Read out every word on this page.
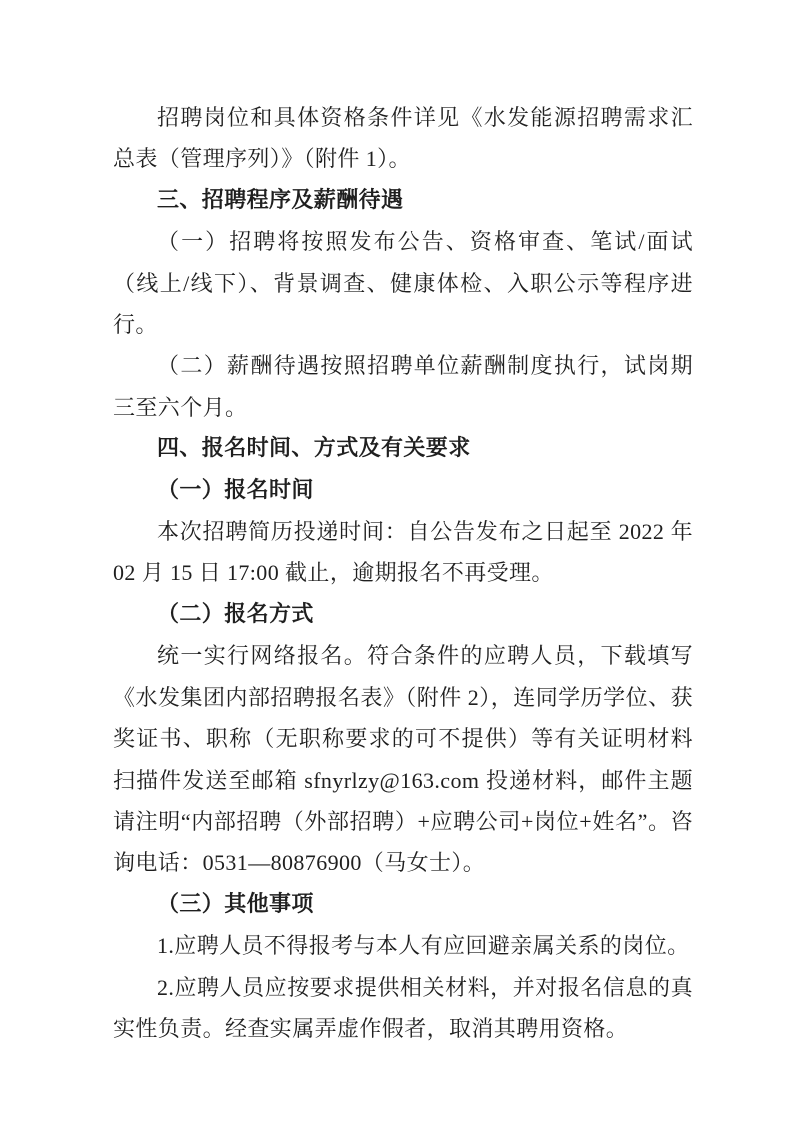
招聘岗位和具体资格条件详见《水发能源招聘需求汇总表（管理序列）》（附件 1）。

三、招聘程序及薪酬待遇

（一）招聘将按照发布公告、资格审查、笔试/面试（线上/线下）、背景调查、健康体检、入职公示等程序进行。

（二）薪酬待遇按照招聘单位薪酬制度执行，试岗期三至六个月。

四、报名时间、方式及有关要求

（一）报名时间

本次招聘简历投递时间：自公告发布之日起至 2022 年 02 月 15 日 17:00 截止，逾期报名不再受理。

（二）报名方式

统一实行网络报名。符合条件的应聘人员，下载填写《水发集团内部招聘报名表》（附件 2），连同学历学位、获奖证书、职称（无职称要求的可不提供）等有关证明材料扫描件发送至邮箱 sfnyrlzy@163.com 投递材料，邮件主题请注明“内部招聘（外部招聘）+应聘公司+岗位+姓名”。咨询电话：0531—80876900（马女士）。

（三）其他事项

1.应聘人员不得报考与本人有应回避亲属关系的岗位。

2.应聘人员应按要求提供相关材料，并对报名信息的真实性负责。经查实属弄虚作假者，取消其聘用资格。
